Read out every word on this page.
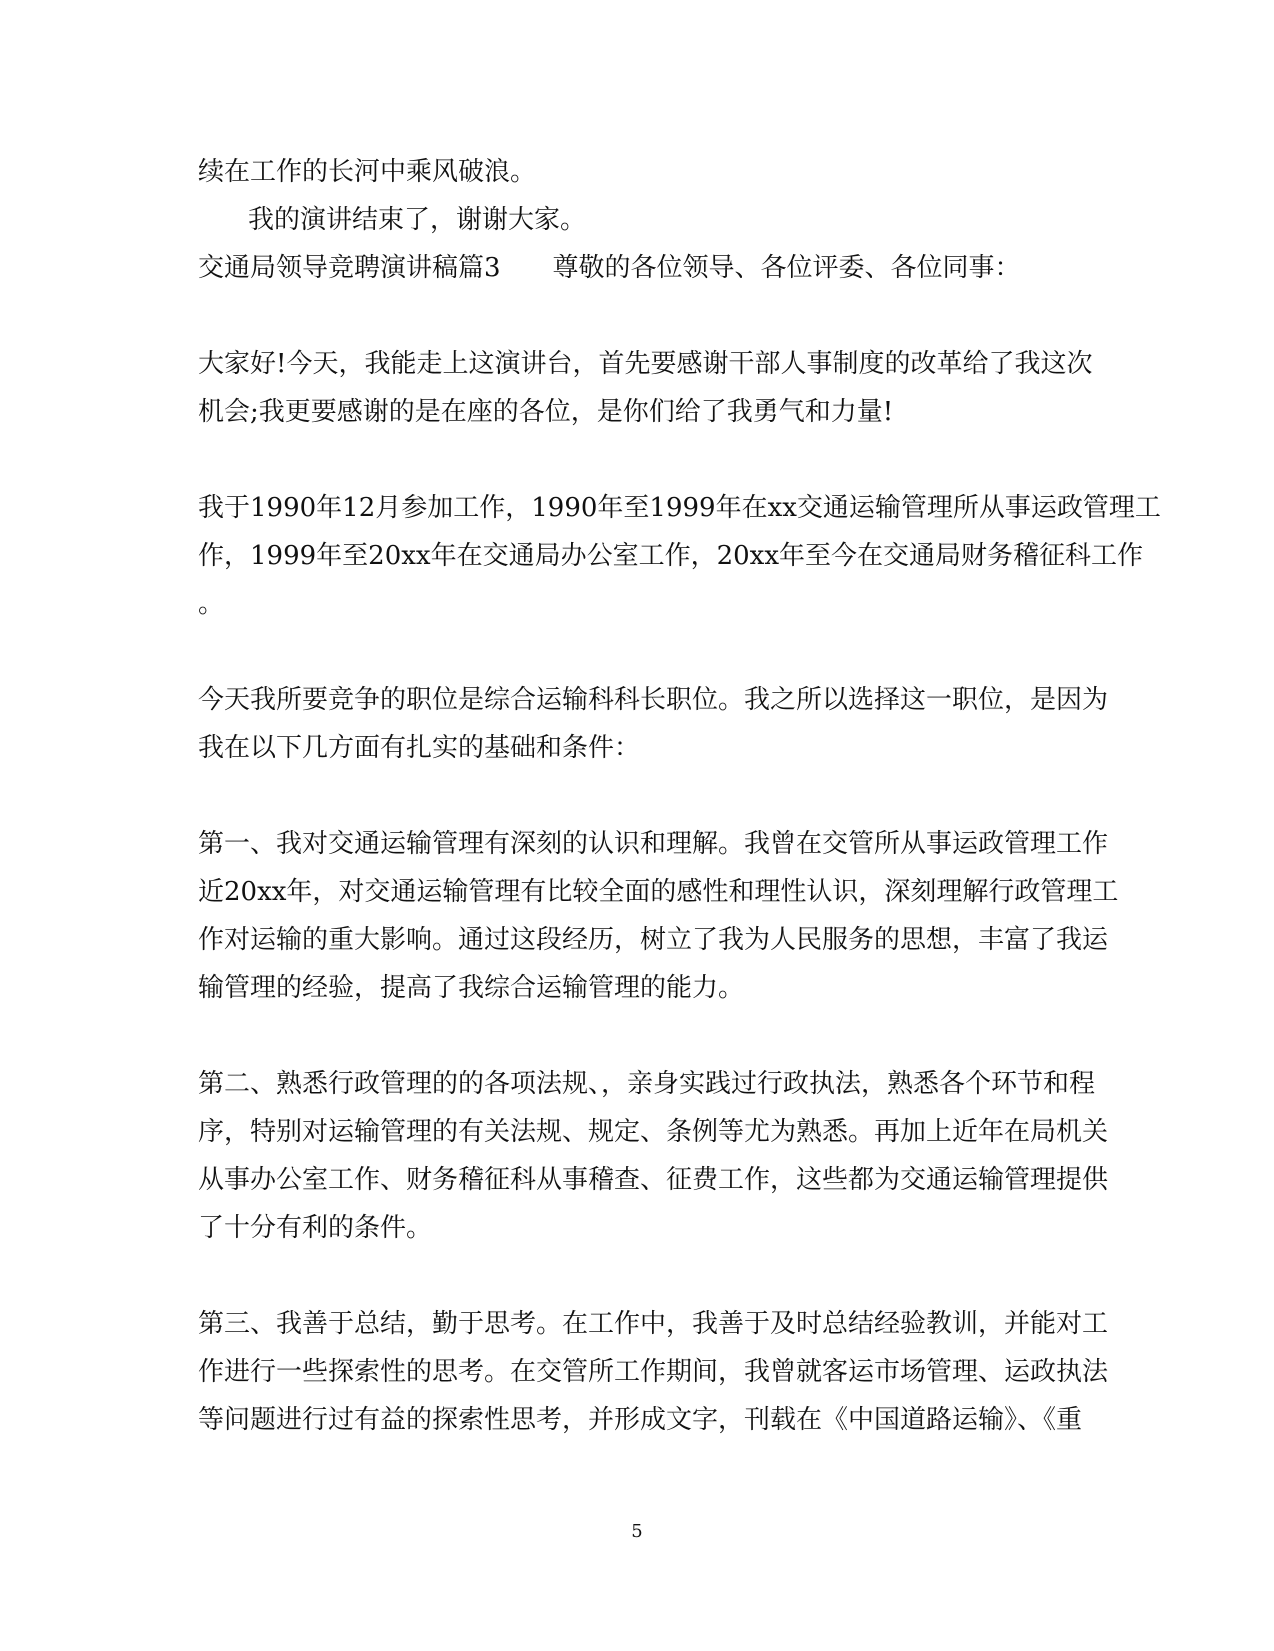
续在工作的长河中乘风破浪。
我的演讲结束了，谢谢大家。
交通局领导竞聘演讲稿篇3　　尊敬的各位领导、各位评委、各位同事：
大家好!今天，我能走上这演讲台，首先要感谢干部人事制度的改革给了我这次
机会;我更要感谢的是在座的各位，是你们给了我勇气和力量!
我于1990年12月参加工作，1990年至1999年在xx交通运输管理所从事运政管理工
作，1999年至20xx年在交通局办公室工作，20xx年至今在交通局财务稽征科工作
。
今天我所要竞争的职位是综合运输科科长职位。我之所以选择这一职位，是因为
我在以下几方面有扎实的基础和条件：
第一、我对交通运输管理有深刻的认识和理解。我曾在交管所从事运政管理工作
近20xx年，对交通运输管理有比较全面的感性和理性认识，深刻理解行政管理工
作对运输的重大影响。通过这段经历，树立了我为人民服务的思想，丰富了我运
输管理的经验，提高了我综合运输管理的能力。
第二、熟悉行政管理的的各项法规、，亲身实践过行政执法，熟悉各个环节和程
序，特别对运输管理的有关法规、规定、条例等尤为熟悉。再加上近年在局机关
从事办公室工作、财务稽征科从事稽查、征费工作，这些都为交通运输管理提供
了十分有利的条件。
第三、我善于总结，勤于思考。在工作中，我善于及时总结经验教训，并能对工
作进行一些探索性的思考。在交管所工作期间，我曾就客运市场管理、运政执法
等问题进行过有益的探索性思考，并形成文字，刊载在《中国道路运输》、《重
5
